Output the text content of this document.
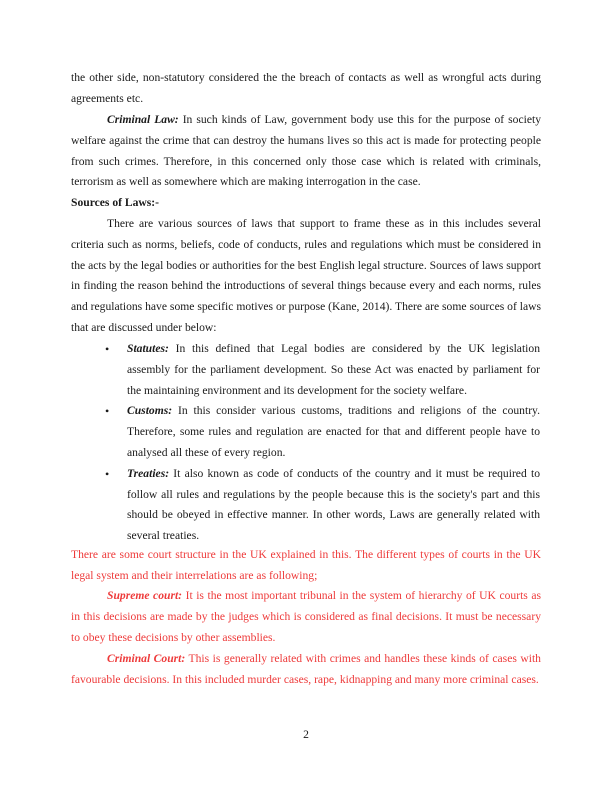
the other side, non-statutory considered the the breach of contacts as well as wrongful acts during agreements etc.

Criminal Law: In such kinds of Law, government body use this for the purpose of society welfare against the crime that can destroy the humans lives so this act is made for protecting people from such crimes. Therefore, in this concerned only those case which is related with criminals, terrorism as well as somewhere which are making interrogation in the case.

Sources of Laws:-

There are various sources of laws that support to frame these as in this includes several criteria such as norms, beliefs, code of conducts, rules and regulations which must be considered in the acts by the legal bodies or authorities for the best English legal structure. Sources of laws support in finding the reason behind the introductions of several things because every and each norms, rules and regulations have some specific motives or purpose (Kane, 2014). There are some sources of laws that are discussed under below:

• Statutes: In this defined that Legal bodies are considered by the UK legislation assembly for the parliament development. So these Act was enacted by parliament for the maintaining environment and its development for the society welfare.
• Customs: In this consider various customs, traditions and religions of the country. Therefore, some rules and regulation are enacted for that and different people have to analysed all these of every region.
• Treaties: It also known as code of conducts of the country and it must be required to follow all rules and regulations by the people because this is the society's part and this should be obeyed in effective manner. In other words, Laws are generally related with several treaties.

There are some court structure in the UK explained in this. The different types of courts in the UK legal system and their interrelations are as following;

Supreme court: It is the most important tribunal in the system of hierarchy of UK courts as in this decisions are made by the judges which is considered as final decisions. It must be necessary to obey these decisions by other assemblies.

Criminal Court: This is generally related with crimes and handles these kinds of cases with favourable decisions. In this included murder cases, rape, kidnapping and many more criminal cases.

2
